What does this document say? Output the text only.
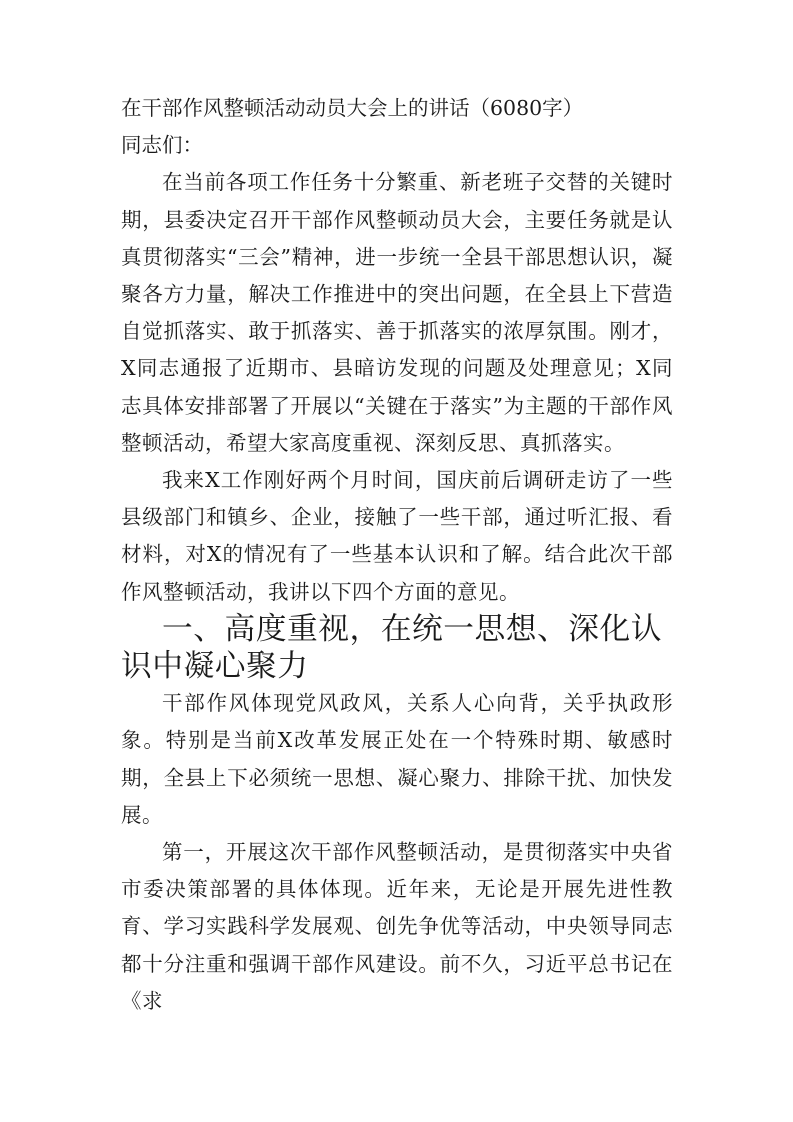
在干部作风整顿活动动员大会上的讲话（6080字）

同志们：

在当前各项工作任务十分繁重、新老班子交替的关键时期，县委决定召开干部作风整顿动员大会，主要任务就是认真贯彻落实“三会”精神，进一步统一全县干部思想认识，凝聚各方力量，解决工作推进中的突出问题，在全县上下营造自觉抓落实、敢于抓落实、善于抓落实的浓厚氛围。刚才，X同志通报了近期市、县暗访发现的问题及处理意见；X同志具体安排部署了开展以“关键在于落实”为主题的干部作风整顿活动，希望大家高度重视、深刻反思、真抓落实。

我来X工作刚好两个月时间，国庆前后调研走访了一些县级部门和镇乡、企业，接触了一些干部，通过听汇报、看材料，对X的情况有了一些基本认识和了解。结合此次干部作风整顿活动，我讲以下四个方面的意见。

一、高度重视，在统一思想、深化认识中凝心聚力

干部作风体现党风政风，关系人心向背，关乎执政形象。特别是当前X改革发展正处在一个特殊时期、敏感时期，全县上下必须统一思想、凝心聚力、排除干扰、加快发展。

第一，开展这次干部作风整顿活动，是贯彻落实中央省市委决策部署的具体体现。近年来，无论是开展先进性教育、学习实践科学发展观、创先争优等活动，中央领导同志都十分注重和强调干部作风建设。前不久，习近平总书记在《求
